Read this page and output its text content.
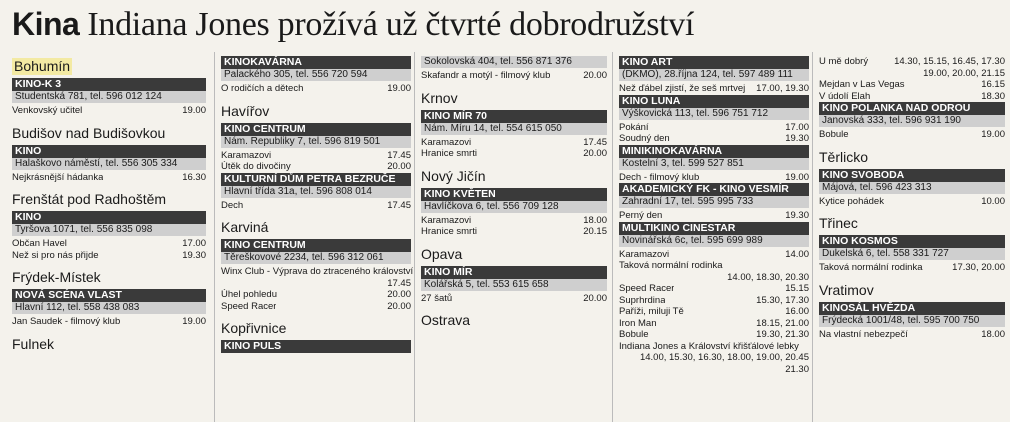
Kina Indiana Jones prožívá už čtvrté dobrodružství
Bohumín
KINO-K 3
Studentská 781, tel. 596 012 124
Venkovský učitel	19.00
Budišov nad Budišovkou
KINO
Halaškovo náměstí, tel. 556 305 334
Nejkrásnější hádanka	16.30
Frenštát pod Radhoštěm
KINO
Tyršova 1071, tel. 556 835 098
Občan Havel	17.00
Než si pro nás přijde	19.30
Frýdek-Místek
NOVÁ SCÉNA VLAST
Hlavní 112, tel. 558 438 083
Jan Saudek - filmový klub	19.00
Fulnek
KINOKAVÁRNA
Palackého 305, tel. 556 720 594
O rodičích a dětech	19.00
Havířov
KINO CENTRUM
Nám. Republiky 7, tel. 596 819 501
Karamazovi	17.45
Útěk do divočiny	20.00
KULTURNÍ DŮM PETRA BEZRUČE
Hlavní třída 31a, tel. 596 808 014
Dech	17.45
Karviná
KINO CENTRUM
Těreškovové 2234, tel. 596 312 061
Winx Club - Výprava do ztraceného království
17.45
Úhel pohledu	20.00
Speed Racer	20.00
Kopřivnice
KINO PULS
Sokolovská 404, tel. 556 871 376
Skafandr a motýl - filmový klub	20.00
Krnov
KINO MÍR 70
Nám. Míru 14, tel. 554 615 050
Karamazovi	17.45
Hranice smrti	20.00
Nový Jičín
KINO KVĚTEN
Havlíčkova 6, tel. 556 709 128
Karamazovi	18.00
Hranice smrti	20.15
Opava
KINO MÍR
Kolářská 5, tel. 553 615 658
27 šatů	20.00
Ostrava
KINO ART
(DKMO), 28.října 124, tel. 597 489 111
Než ďábel zjistí, že seš mrtvej	17.00, 19.30
KINO LUNA
Výškovická 113, tel. 596 751 712
Pokání	17.00
Soudný den	19.30
MINIKINOKAVÁRNA
Kostelní 3, tel. 599 527 851
Dech - filmový klub	19.00
AKADEMICKÝ FK - KINO VESMÍR
Zahradní 17, tel. 595 995 733
Perný den	19.30
MULTIKINO CINESTAR
Novinářská 6c, tel. 595 699 989
Karamazovi	14.00
Taková normální rodinka
14.00, 18.30, 20.30
Speed Racer	15.15
Suprhrdina	15.30, 17.30
Paříži, miluji Tě	16.00
Iron Man	18.15, 21.00
Bobule	19.30, 21.30
Indiana Jones a Království křišťálové lebky
14.00, 15.30, 16.30, 18.00, 19.00, 20.45
21.30
U mě dobrý	14.30, 15.15, 16.45, 17.30
19.00, 20.00, 21.15
Mejdan v Las Vegas	16.15
V údolí Elah	18.30
KINO POLANKA NAD ODROU
Janovská 333, tel. 596 931 190
Bobule	19.00
Těrlicko
KINO SVOBODA
Májová, tel. 596 423 313
Kytice pohádek	10.00
Třinec
KINO KOSMOS
Dukelská 6, tel. 558 331 727
Taková normální rodinka	17.30, 20.00
Vratimov
KINOSÁL HVĚZDA
Frýdecká 1001/48, tel. 595 700 750
Na vlastní nebezpečí	18.00
